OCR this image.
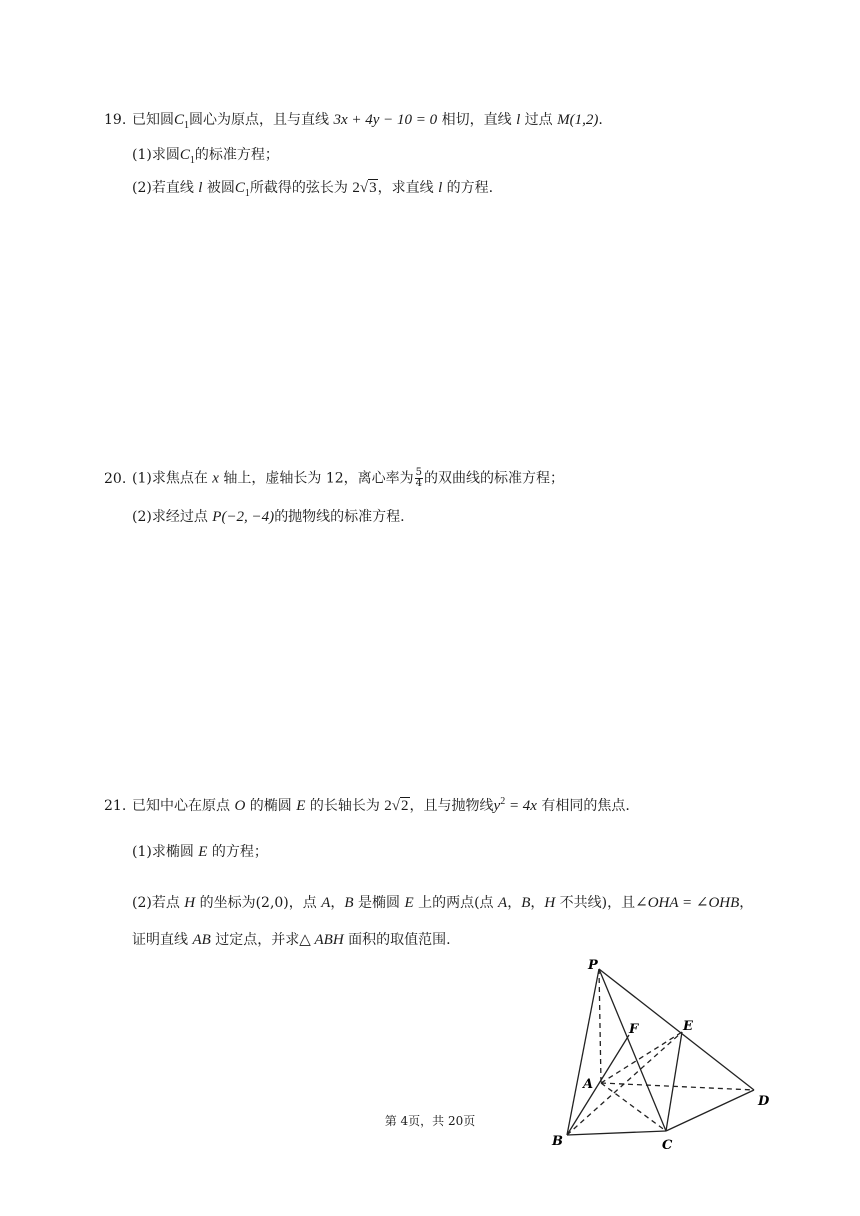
19. 已知圆$C_1$圆心为原点，且与直线 3x + 4y − 10 = 0 相切，直线 l 过点 M(1,2).
(1)求圆$C_1$的标准方程；
(2)若直线 l 被圆$C_1$所截得的弦长为 2√3，求直线 l 的方程.
20. (1)求焦点在 x 轴上，虚轴长为 12，离心率为 $\frac{5}{4}$ 的双曲线的标准方程；
(2)求经过点 P(−2, −4)的抛物线的标准方程.
21. 已知中心在原点 O 的椭圆 E 的长轴长为 2√2，且与抛物线$y^2 = 4x$ 有相同的焦点.
(1)求椭圆 E 的方程；
(2)若点 H 的坐标为(2,0)，点 A，B 是椭圆 E 上的两点(点 A，B，H 不共线)，且∠OHA = ∠OHB，
证明直线 AB 过定点，并求△ ABH 面积的取值范围.
P
F	E
A
D
B	C
第 4页，共 20页
